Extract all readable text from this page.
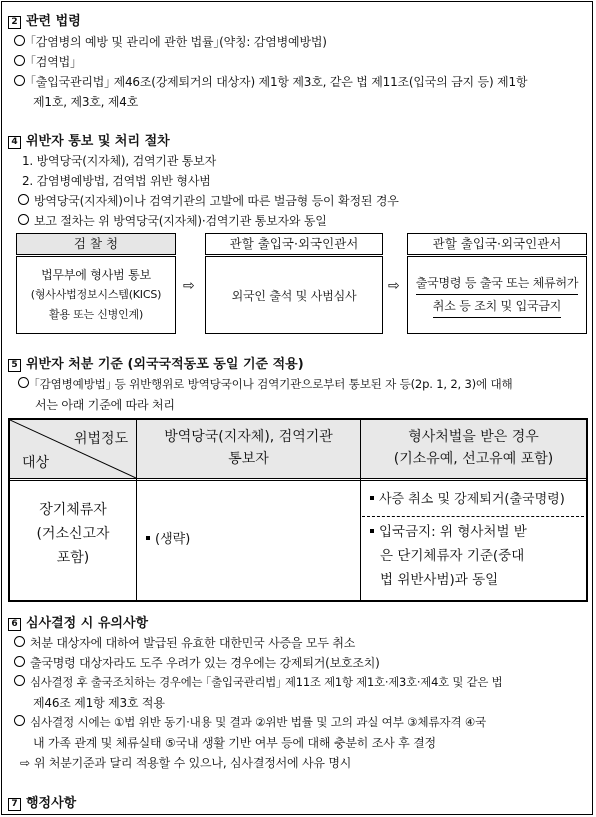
2 관련 법령
｢감염병의 예방 및 관리에 관한 법률｣(약칭: 감염병예방법)
｢검역법｣
｢출입국관리법｣ 제46조(강제퇴거의 대상자) 제1항 제3호, 같은 법 제11조(입국의 금지 등) 제1항
제1호, 제3호, 제4호
4 위반자 통보 및 처리 절차
1. 방역당국(지자체), 검역기관 통보자
2. 감염병예방법, 검역법 위반 형사범
방역당국(지자체)이나 검역기관의 고발에 따른 벌금형 등이 확정된 경우
보고 절차는 위 방역당국(지자체)·검역기관 통보자와 동일
검 찰 청
법무부에 형사범 통보
(형사사법정보시스템(KICS)
활용 또는 신병인계)
⇨
관할 출입국·외국인관서
외국인 출석 및 사범심사
⇨
관할 출입국·외국인관서
출국명령 등 출국 또는 체류허가
취소 등 조치 및 입국금지
5 위반자 처분 기준 (외국국적동포 동일 기준 적용)
｢감염병예방법｣ 등 위반행위로 방역당국이나 검역기관으로부터 통보된 자 등(2p. 1, 2, 3)에 대해
서는 아래 기준에 따라 처리
위법정도
대상
방역당국(지자체), 검역기관
통보자
형사처벌을 받은 경우
(기소유예, 선고유예 포함)
장기체류자
(거소신고자
포함)
(생략)
사증 취소 및 강제퇴거(출국명령)
입국금지: 위 형사처벌 받
은 단기체류자 기준(중대
법 위반사범)과 동일
6 심사결정 시 유의사항
처분 대상자에 대하여 발급된 유효한 대한민국 사증을 모두 취소
출국명령 대상자라도 도주 우려가 있는 경우에는 강제퇴거(보호조치)
심사결정 후 출국조치하는 경우에는 ｢출입국관리법｣ 제11조 제1항 제1호·제3호·제4호 및 같은 법
제46조 제1항 제3호 적용
심사결정 시에는 ①법 위반 동기·내용 및 결과 ②위반 법률 및 고의 과실 여부 ③체류자격 ④국
내 가족 관계 및 체류실태 ⑤국내 생활 기반 여부 등에 대해 충분히 조사 후 결정
⇨ 위 처분기준과 달리 적용할 수 있으나, 심사결정서에 사유 명시
7 행정사항
